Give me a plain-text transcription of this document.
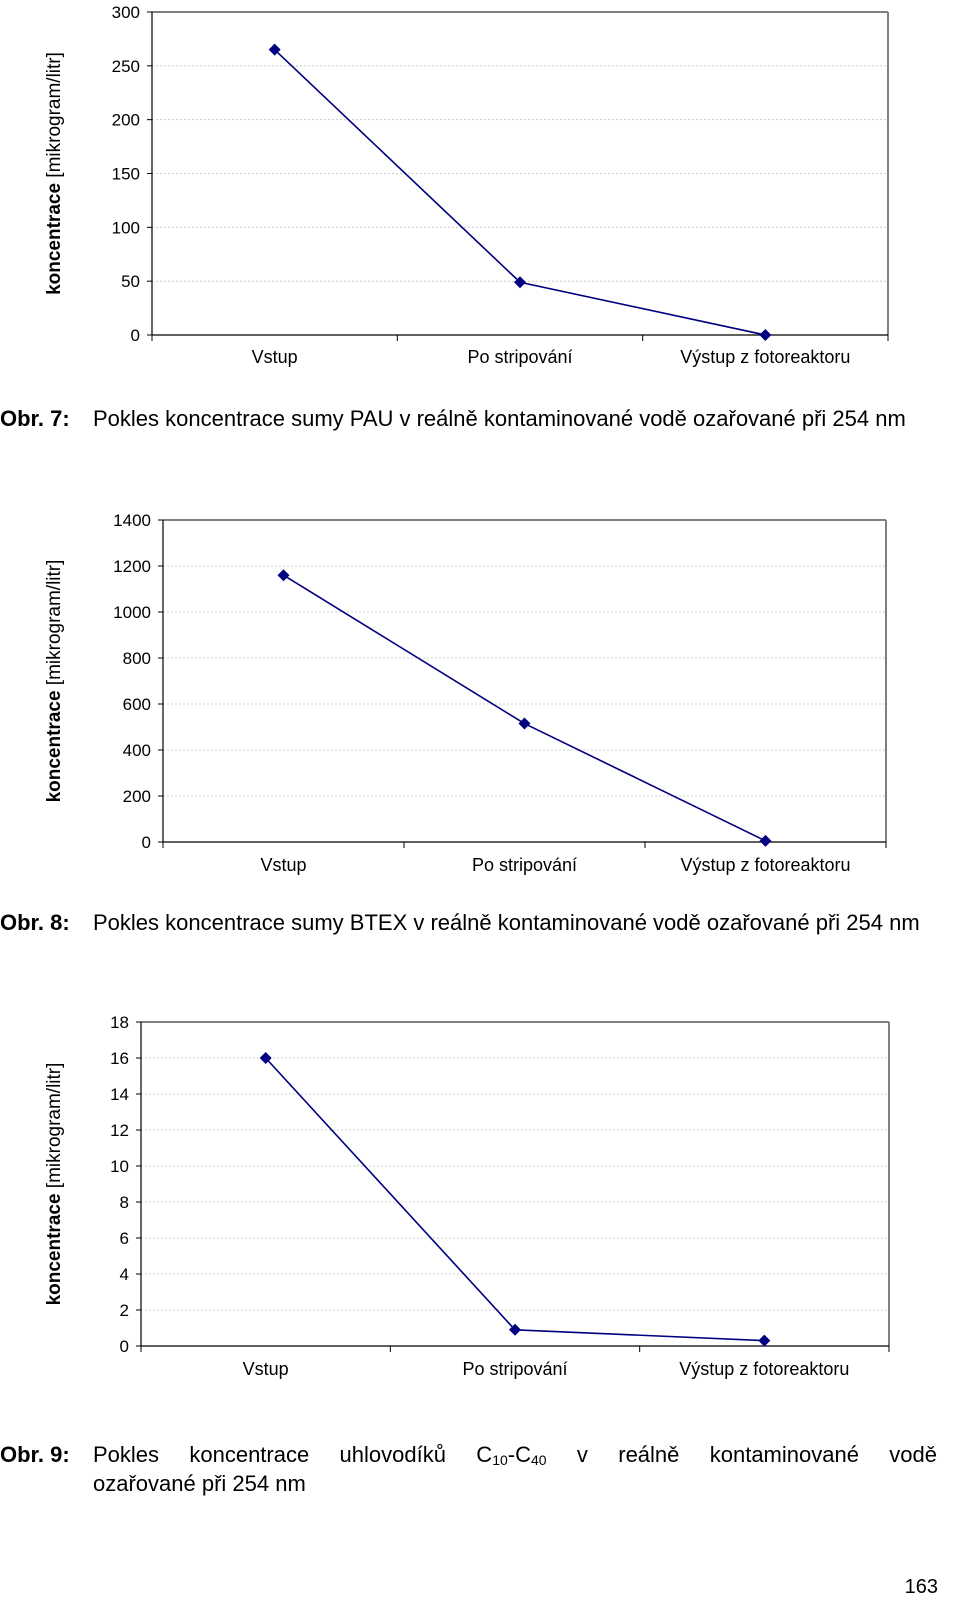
0
50
100
150
200
250
300
Vstup	Po stripování	Výstup z fotoreaktoru
koncentrace [mikrogram/litr]
Obr. 7: Pokles koncentrace sumy PAU v reálně kontaminované vodě ozařované při 254 nm
0
200
400
600
800
1000
1200
1400
Vstup	Po stripování	Výstup z fotoreaktoru
koncentrace [mikrogram/litr]
Obr. 8: Pokles koncentrace sumy BTEX v reálně kontaminované vodě ozařované při 254 nm
0
2
4
6
8
10
12
14
16
18
Vstup	Po stripování	Výstup z fotoreaktoru
koncentrace [mikrogram/litr]
Obr. 9: Pokles koncentrace uhlovodíků $C_{10}-C_{40}$ v reálně kontaminované vodě
ozařované při 254 nm
163
